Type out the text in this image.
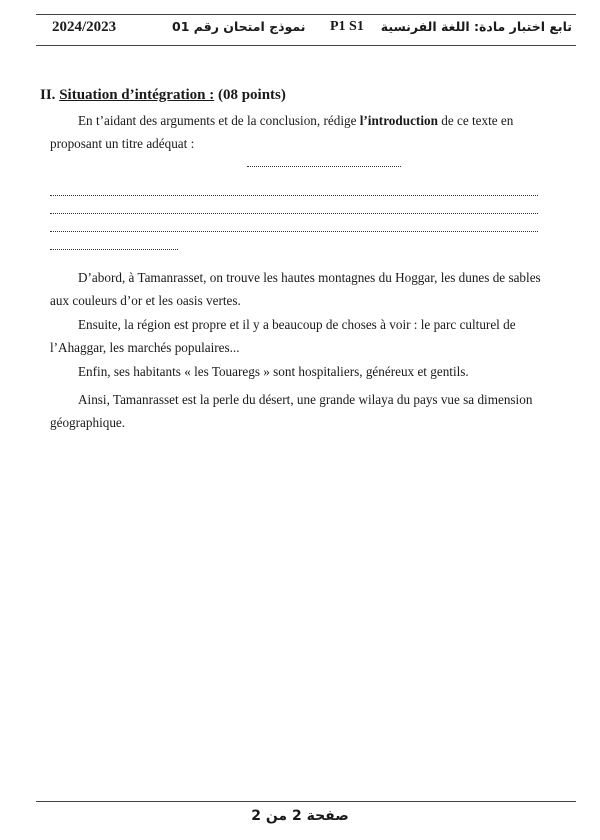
2024/2023	نموذج امتحان رقم 01 P1 S1 تابع اختبار مادة: اللغة الفرنسية
II. Situation d’intégration : (08 points)
En t’aidant des arguments et de la conclusion, rédige l’introduction de ce texte en proposant un titre adéquat :
D’abord, à Tamanrasset, on trouve les hautes montagnes du Hoggar, les dunes de sables aux couleurs d’or et les oasis vertes.
Ensuite, la région est propre et il y a beaucoup de choses à voir : le parc culturel de l’Ahaggar, les marchés populaires...
Enfin, ses habitants « les Touaregs » sont hospitaliers, généreux et gentils.
Ainsi, Tamanrasset est la perle du désert, une grande wilaya du pays vue sa dimension géographique.
صفحة 2 من 2
